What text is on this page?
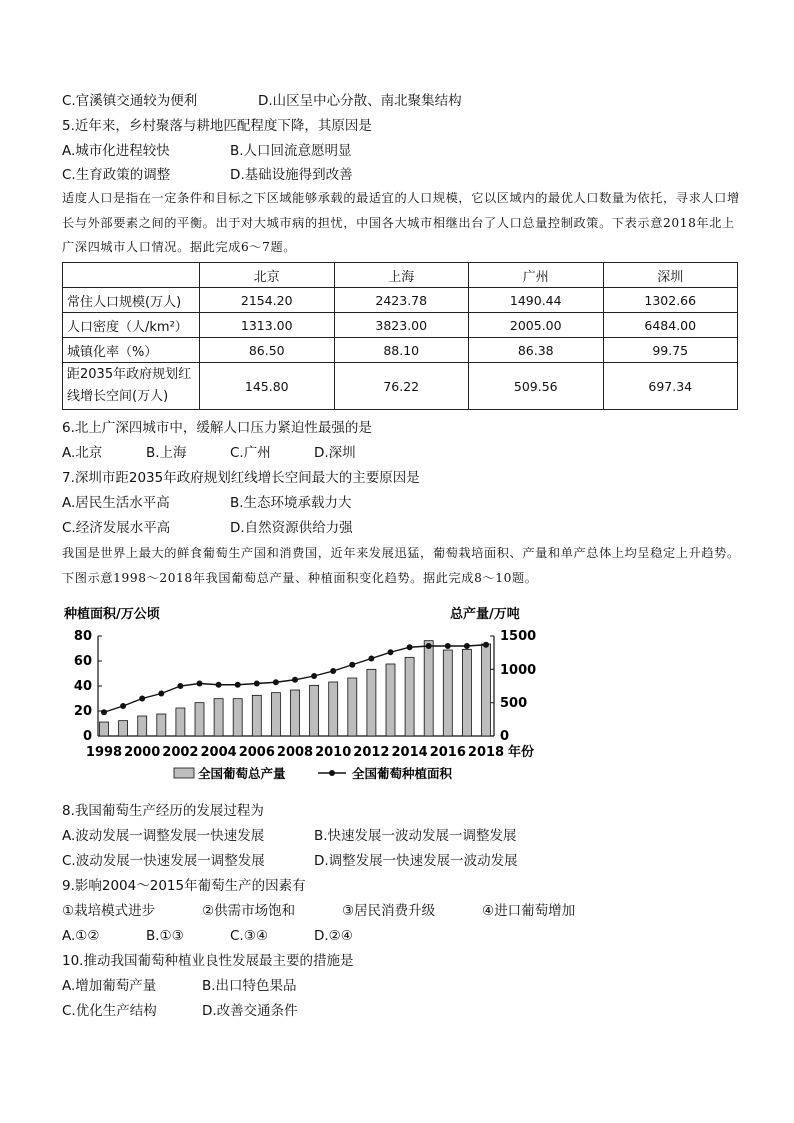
C.官溪镇交通较为便利	D.山区呈中心分散、南北聚集结构
5.近年来，乡村聚落与耕地匹配程度下降，其原因是
A.城市化进程较快	B.人口回流意愿明显
C.生育政策的调整	D.基础设施得到改善
适度人口是指在一定条件和目标之下区域能够承载的最适宜的人口规模，它以区域内的最优人口数量为依托，寻求人口增长与外部要素之间的平衡。出于对大城市病的担忧，中国各大城市相继出台了人口总量控制政策。下表示意2018年北上广深四城市人口情况。据此完成6～7题。
	北京	上海	广州	深圳
常住人口规模(万人)	2154.20	2423.78	1490.44	1302.66
人口密度（人/km²）	1313.00	3823.00	2005.00	6484.00
城镇化率（%）	86.50	88.10	86.38	99.75
距2035年政府规划红线增长空间(万人)	145.80	76.22	509.56	697.34
6.北上广深四城市中，缓解人口压力紧迫性最强的是
A.北京	B.上海	C.广州	D.深圳
7.深圳市距2035年政府规划红线增长空间最大的主要原因是
A.居民生活水平高	B.生态环境承载力大
C.经济发展水平高	D.自然资源供给力强
我国是世界上最大的鲜食葡萄生产国和消费国，近年来发展迅猛，葡萄栽培面积、产量和单产总体上均呈稳定上升趋势。下图示意1998～2018年我国葡萄总产量、种植面积变化趋势。据此完成8～10题。
种植面积/万公顷	总产量/万吨
0
20
40
60
80
0
500
1000
1500
1998 2000 2002 2004 2006 2008 2010 2012 2014 2016 2018 年份
全国葡萄总产量	全国葡萄种植面积
8.我国葡萄生产经历的发展过程为
A.波动发展一调整发展一快速发展	B.快速发展一波动发展一调整发展
C.波动发展一快速发展一调整发展	D.调整发展一快速发展一波动发展
9.影响2004～2015年葡萄生产的因素有
①栽培模式进步	②供需市场饱和	③居民消费升级	④进口葡萄增加
A.①②	B.①③	C.③④	D.②④
10.推动我国葡萄种植业良性发展最主要的措施是
A.增加葡萄产量	B.出口特色果品
C.优化生产结构	D.改善交通条件
